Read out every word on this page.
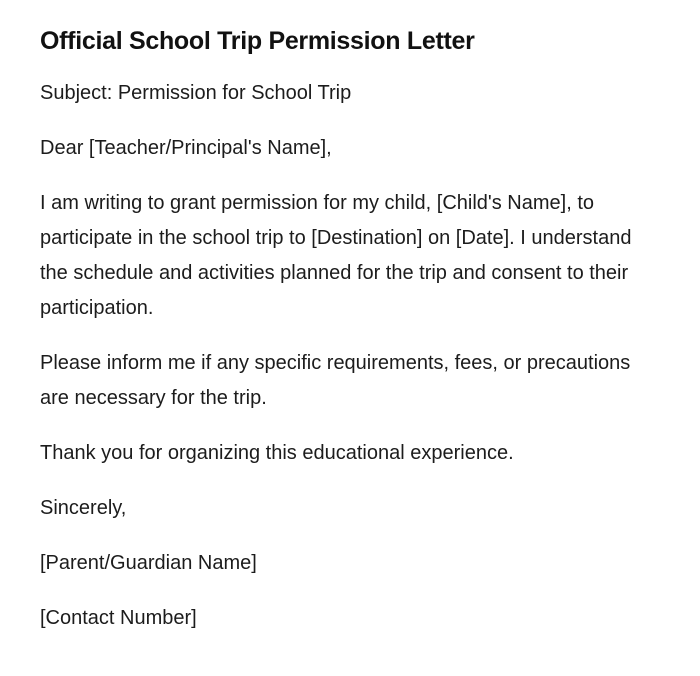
Official School Trip Permission Letter

Subject: Permission for School Trip

Dear [Teacher/Principal's Name],

I am writing to grant permission for my child, [Child's Name], to participate in the school trip to [Destination] on [Date]. I understand the schedule and activities planned for the trip and consent to their participation.

Please inform me if any specific requirements, fees, or precautions are necessary for the trip.

Thank you for organizing this educational experience.

Sincerely,

[Parent/Guardian Name]

[Contact Number]
